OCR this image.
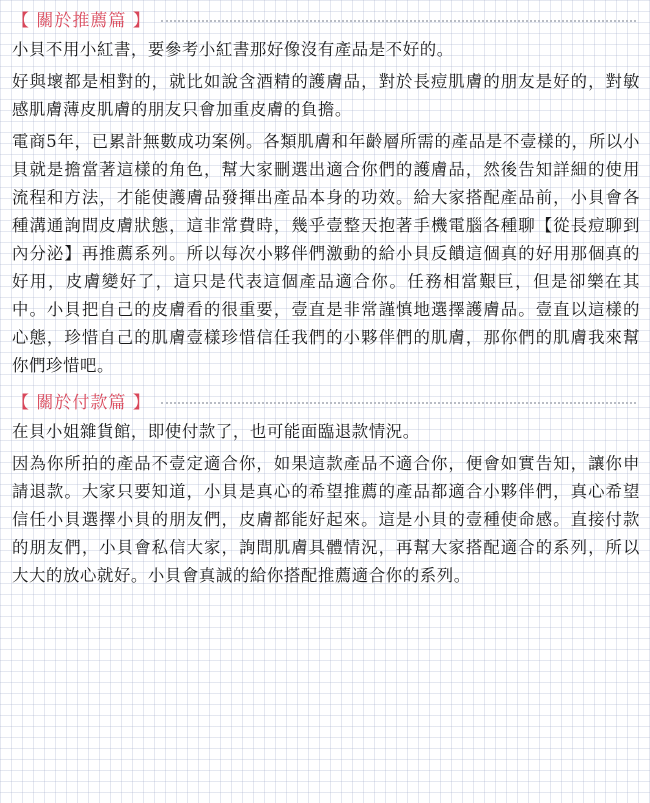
【 關於推薦篇 】

小貝不用小紅書，要參考小紅書那好像沒有產品是不好的。

好與壞都是相對的，就比如說含酒精的護膚品，對於長痘肌膚的朋友是好的，對敏感肌膚薄皮肌膚的朋友只會加重皮膚的負擔。

電商5年，已累計無數成功案例。各類肌膚和年齡層所需的產品是不壹樣的，所以小貝就是擔當著這樣的角色，幫大家刪選出適合你們的護膚品，然後告知詳細的使用流程和方法，才能使護膚品發揮出產品本身的功效。給大家搭配產品前，小貝會各種溝通詢問皮膚狀態，這非常費時，幾乎壹整天抱著手機電腦各種聊【從長痘聊到內分泌】再推薦系列。所以每次小夥伴們激動的給小貝反饋這個真的好用那個真的好用，皮膚變好了，這只是代表這個產品適合你。任務相當艱巨，但是卻樂在其中。小貝把自己的皮膚看的很重要，壹直是非常謹慎地選擇護膚品。壹直以這樣的心態，珍惜自己的肌膚壹樣珍惜信任我們的小夥伴們的肌膚，那你們的肌膚我來幫你們珍惜吧。

【 關於付款篇 】

在貝小姐雜貨館，即使付款了，也可能面臨退款情況。

因為你所拍的產品不壹定適合你，如果這款產品不適合你，便會如實告知，讓你申請退款。大家只要知道，小貝是真心的希望推薦的產品都適合小夥伴們，真心希望信任小貝選擇小貝的朋友們，皮膚都能好起來。這是小貝的壹種使命感。直接付款的朋友們，小貝會私信大家，詢問肌膚具體情況，再幫大家搭配適合的系列，所以大大的放心就好。小貝會真誠的給你搭配推薦適合你的系列。
